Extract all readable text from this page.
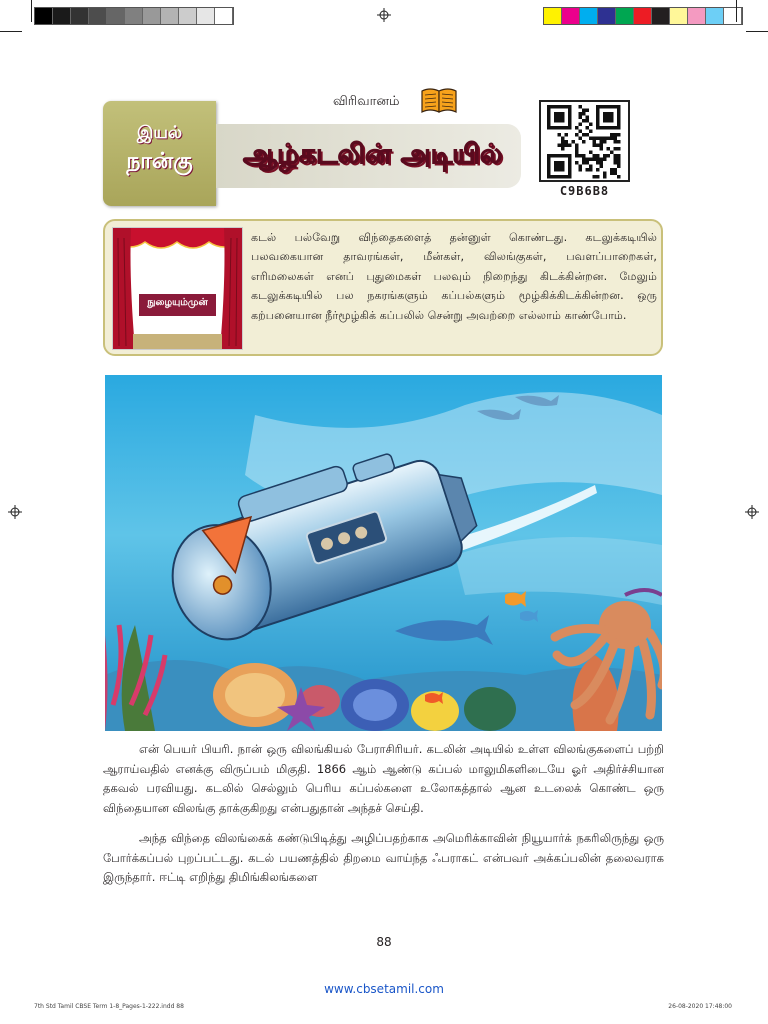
இயல்
நான்கு
விரிவானம்
ஆழ்கடலின் அடியில்
C9B6B8
நுழையும்முன்
கடல் பல்வேறு விந்தைகளைத் தன்னுள் கொண்டது. கடலுக்கடியில் பலவகையான தாவரங்கள், மீன்கள், விலங்குகள், பவளப்பாறைகள், எரிமலைகள் எனப் புதுமைகள் பலவும் நிறைந்து கிடக்கின்றன. மேலும் கடலுக்கடியில் பல நகரங்களும் கப்பல்களும் மூழ்கிக்கிடக்கின்றன. ஒரு கற்பனையான நீர்மூழ்கிக் கப்பலில் சென்று அவற்றை எல்லாம் காண்போம்.

என் பெயர் பியரி. நான் ஒரு விலங்கியல் பேராசிரியர். கடலின் அடியில் உள்ள விலங்குகளைப் பற்றி ஆராய்வதில் எனக்கு விருப்பம் மிகுதி. 1866 ஆம் ஆண்டு கப்பல் மாலுமிகளிடையே ஓர் அதிர்ச்சியான தகவல் பரவியது. கடலில் செல்லும் பெரிய கப்பல்களை உலோகத்தால் ஆன உடலைக் கொண்ட ஒரு விந்தையான விலங்கு தாக்குகிறது என்பதுதான் அந்தச் செய்தி.

அந்த விந்தை விலங்கைக் கண்டுபிடித்து அழிப்பதற்காக அமெரிக்காவின் நியூயார்க் நகரிலிருந்து ஒரு போர்க்கப்பல் புறப்பட்டது. கடல் பயணத்தில் திறமை வாய்ந்த ஃபராகட் என்பவர் அக்கப்பலின் தலைவராக இருந்தார். ஈட்டி எறிந்து திமிங்கிலங்களை

88
www.cbsetamil.com
7th Std Tamil CBSE Term 1-8_Pages-1-222.indd 88	26-08-2020 17:48:00
